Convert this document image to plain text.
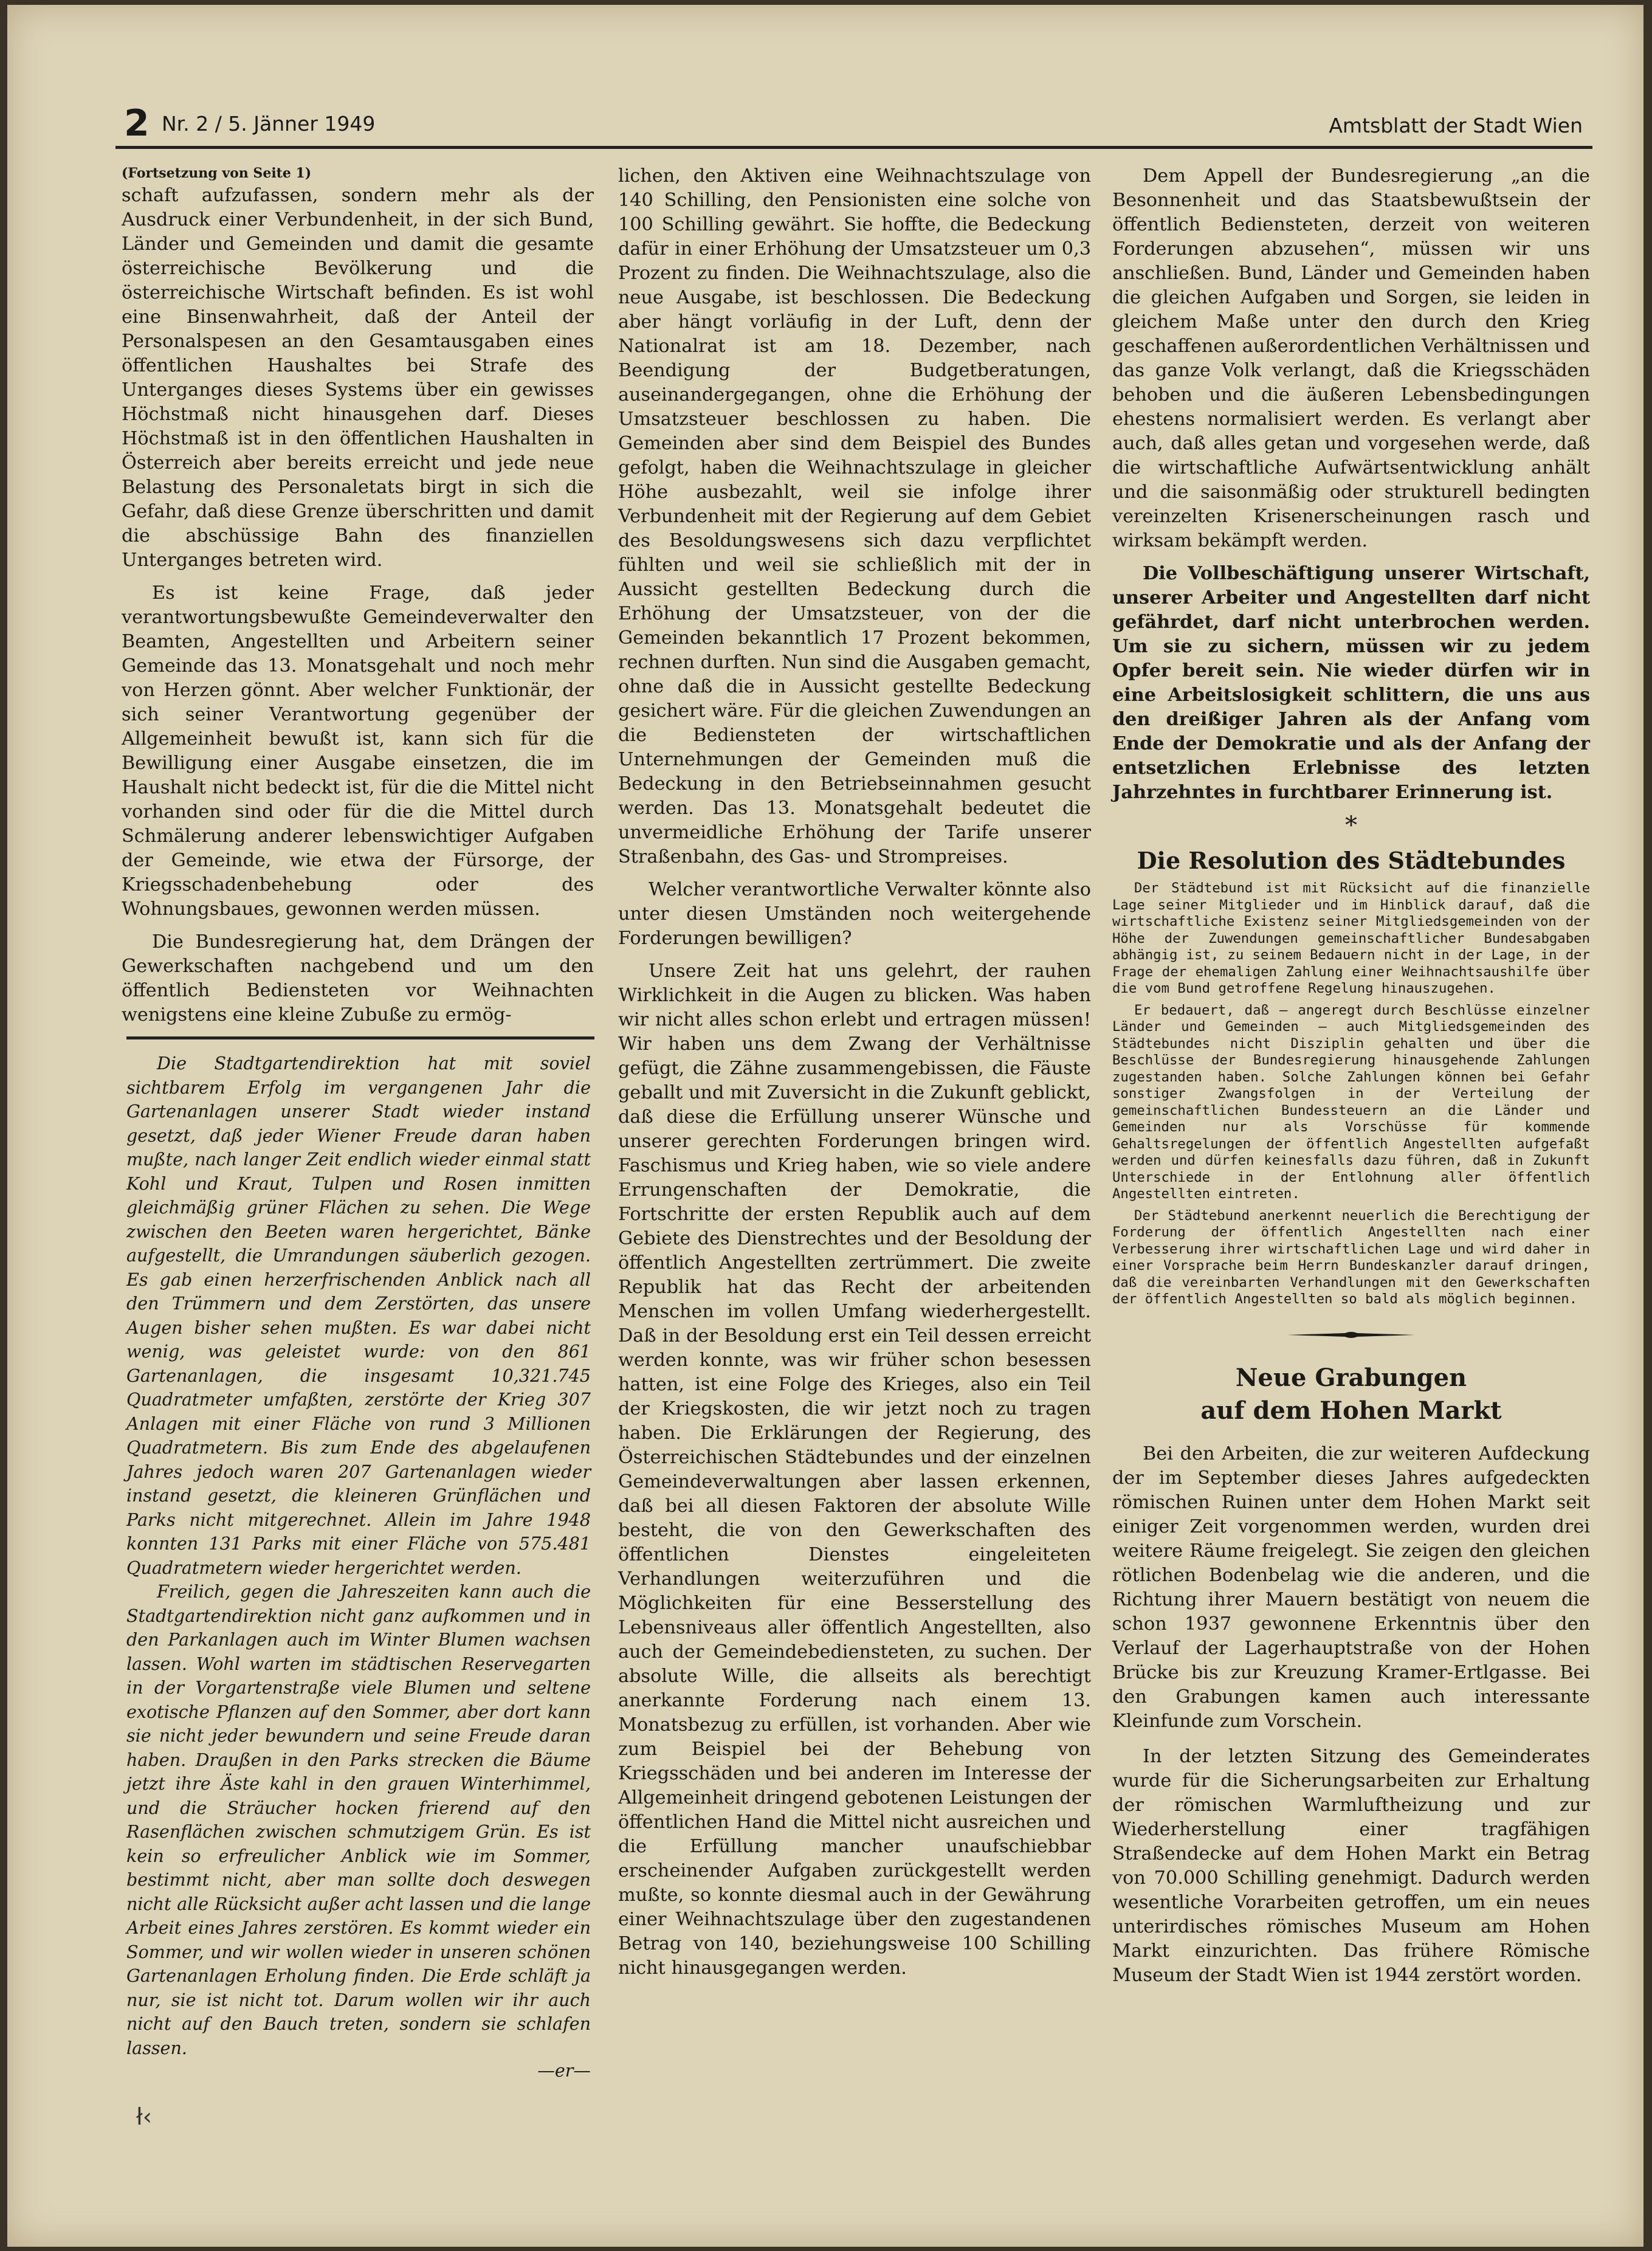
2 Nr. 2 / 5. Jänner 1949	Amtsblatt der Stadt Wien
(Fortsetzung von Seite 1)

schaft aufzufassen, sondern mehr als der Ausdruck einer Verbundenheit, in der sich Bund, Länder und Gemeinden und damit die gesamte österreichische Bevölkerung und die österreichische Wirtschaft befinden. Es ist wohl eine Binsenwahrheit, daß der Anteil der Personalspesen an den Gesamtausgaben eines öffentlichen Haushaltes bei Strafe des Unterganges dieses Systems über ein gewisses Höchstmaß nicht hinausgehen darf. Dieses Höchstmaß ist in den öffentlichen Haushalten in Österreich aber bereits erreicht und jede neue Belastung des Personaletats birgt in sich die Gefahr, daß diese Grenze überschritten und damit die abschüssige Bahn des finanziellen Unterganges betreten wird.

Es ist keine Frage, daß jeder verantwortungsbewußte Gemeindeverwalter den Beamten, Angestellten und Arbeitern seiner Gemeinde das 13. Monatsgehalt und noch mehr von Herzen gönnt. Aber welcher Funktionär, der sich seiner Verantwortung gegenüber der Allgemeinheit bewußt ist, kann sich für die Bewilligung einer Ausgabe einsetzen, die im Haushalt nicht bedeckt ist, für die die Mittel nicht vorhanden sind oder für die die Mittel durch Schmälerung anderer lebenswichtiger Aufgaben der Gemeinde, wie etwa der Fürsorge, der Kriegsschadenbehebung oder des Wohnungsbaues, gewonnen werden müssen.

Die Bundesregierung hat, dem Drängen der Gewerkschaften nachgebend und um den öffentlich Bediensteten vor Weihnachten wenigstens eine kleine Zubuße zu ermög-

Die Stadtgartendirektion hat mit soviel sichtbarem Erfolg im vergangenen Jahr die Gartenanlagen unserer Stadt wieder instand gesetzt, daß jeder Wiener Freude daran haben mußte, nach langer Zeit endlich wieder einmal statt Kohl und Kraut, Tulpen und Rosen inmitten gleichmäßig grüner Flächen zu sehen. Die Wege zwischen den Beeten waren hergerichtet, Bänke aufgestellt, die Umrandungen säuberlich gezogen. Es gab einen herzerfrischenden Anblick nach all den Trümmern und dem Zerstörten, das unsere Augen bisher sehen mußten. Es war dabei nicht wenig, was geleistet wurde: von den 861 Gartenanlagen, die insgesamt 10,321.745 Quadratmeter umfaßten, zerstörte der Krieg 307 Anlagen mit einer Fläche von rund 3 Millionen Quadratmetern. Bis zum Ende des abgelaufenen Jahres jedoch waren 207 Gartenanlagen wieder instand gesetzt, die kleineren Grünflächen und Parks nicht mitgerechnet. Allein im Jahre 1948 konnten 131 Parks mit einer Fläche von 575.481 Quadratmetern wieder hergerichtet werden.

Freilich, gegen die Jahreszeiten kann auch die Stadtgartendirektion nicht ganz aufkommen und in den Parkanlagen auch im Winter Blumen wachsen lassen. Wohl warten im städtischen Reservegarten in der Vorgartenstraße viele Blumen und seltene exotische Pflanzen auf den Sommer, aber dort kann sie nicht jeder bewundern und seine Freude daran haben. Draußen in den Parks strecken die Bäume jetzt ihre Äste kahl in den grauen Winterhimmel, und die Sträucher hocken frierend auf den Rasenflächen zwischen schmutzigem Grün. Es ist kein so erfreulicher Anblick wie im Sommer, bestimmt nicht, aber man sollte doch deswegen nicht alle Rücksicht außer acht lassen und die lange Arbeit eines Jahres zerstören. Es kommt wieder ein Sommer, und wir wollen wieder in unseren schönen Gartenanlagen Erholung finden. Die Erde schläft ja nur, sie ist nicht tot. Darum wollen wir ihr auch nicht auf den Bauch treten, sondern sie schlafen lassen.

—er—

lichen, den Aktiven eine Weihnachtszulage von 140 Schilling, den Pensionisten eine solche von 100 Schilling gewährt. Sie hoffte, die Bedeckung dafür in einer Erhöhung der Umsatzsteuer um 0,3 Prozent zu finden. Die Weihnachtszulage, also die neue Ausgabe, ist beschlossen. Die Bedeckung aber hängt vorläufig in der Luft, denn der Nationalrat ist am 18. Dezember, nach Beendigung der Budgetberatungen, auseinandergegangen, ohne die Erhöhung der Umsatzsteuer beschlossen zu haben. Die Gemeinden aber sind dem Beispiel des Bundes gefolgt, haben die Weihnachtszulage in gleicher Höhe ausbezahlt, weil sie infolge ihrer Verbundenheit mit der Regierung auf dem Gebiet des Besoldungswesens sich dazu verpflichtet fühlten und weil sie schließlich mit der in Aussicht gestellten Bedeckung durch die Erhöhung der Umsatzsteuer, von der die Gemeinden bekanntlich 17 Prozent bekommen, rechnen durften. Nun sind die Ausgaben gemacht, ohne daß die in Aussicht gestellte Bedeckung gesichert wäre. Für die gleichen Zuwendungen an die Bediensteten der wirtschaftlichen Unternehmungen der Gemeinden muß die Bedeckung in den Betriebseinnahmen gesucht werden. Das 13. Monatsgehalt bedeutet die unvermeidliche Erhöhung der Tarife unserer Straßenbahn, des Gas- und Strompreises.

Welcher verantwortliche Verwalter könnte also unter diesen Umständen noch weitergehende Forderungen bewilligen?

Unsere Zeit hat uns gelehrt, der rauhen Wirklichkeit in die Augen zu blicken. Was haben wir nicht alles schon erlebt und ertragen müssen! Wir haben uns dem Zwang der Verhältnisse gefügt, die Zähne zusammengebissen, die Fäuste geballt und mit Zuversicht in die Zukunft geblickt, daß diese die Erfüllung unserer Wünsche und unserer gerechten Forderungen bringen wird. Faschismus und Krieg haben, wie so viele andere Errungenschaften der Demokratie, die Fortschritte der ersten Republik auch auf dem Gebiete des Dienstrechtes und der Besoldung der öffentlich Angestellten zertrümmert. Die zweite Republik hat das Recht der arbeitenden Menschen im vollen Umfang wiederhergestellt. Daß in der Besoldung erst ein Teil dessen erreicht werden konnte, was wir früher schon besessen hatten, ist eine Folge des Krieges, also ein Teil der Kriegskosten, die wir jetzt noch zu tragen haben. Die Erklärungen der Regierung, des Österreichischen Städtebundes und der einzelnen Gemeindeverwaltungen aber lassen erkennen, daß bei all diesen Faktoren der absolute Wille besteht, die von den Gewerkschaften des öffentlichen Dienstes eingeleiteten Verhandlungen weiterzuführen und die Möglichkeiten für eine Besserstellung des Lebensniveaus aller öffentlich Angestellten, also auch der Gemeindebediensteten, zu suchen. Der absolute Wille, die allseits als berechtigt anerkannte Forderung nach einem 13. Monatsbezug zu erfüllen, ist vorhanden. Aber wie zum Beispiel bei der Behebung von Kriegsschäden und bei anderen im Interesse der Allgemeinheit dringend gebotenen Leistungen der öffentlichen Hand die Mittel nicht ausreichen und die Erfüllung mancher unaufschiebbar erscheinender Aufgaben zurückgestellt werden mußte, so konnte diesmal auch in der Gewährung einer Weihnachtszulage über den zugestandenen Betrag von 140, beziehungsweise 100 Schilling nicht hinausgegangen werden.

Dem Appell der Bundesregierung „an die Besonnenheit und das Staatsbewußtsein der öffentlich Bediensteten, derzeit von weiteren Forderungen abzusehen“, müssen wir uns anschließen. Bund, Länder und Gemeinden haben die gleichen Aufgaben und Sorgen, sie leiden in gleichem Maße unter den durch den Krieg geschaffenen außerordentlichen Verhältnissen und das ganze Volk verlangt, daß die Kriegsschäden behoben und die äußeren Lebensbedingungen ehestens normalisiert werden. Es verlangt aber auch, daß alles getan und vorgesehen werde, daß die wirtschaftliche Aufwärtsentwicklung anhält und die saisonmäßig oder strukturell bedingten vereinzelten Krisenerscheinungen rasch und wirksam bekämpft werden.

Die Vollbeschäftigung unserer Wirtschaft, unserer Arbeiter und Angestellten darf nicht gefährdet, darf nicht unterbrochen werden. Um sie zu sichern, müssen wir zu jedem Opfer bereit sein. Nie wieder dürfen wir in eine Arbeitslosigkeit schlittern, die uns aus den dreißiger Jahren als der Anfang vom Ende der Demokratie und als der Anfang der entsetzlichen Erlebnisse des letzten Jahrzehntes in furchtbarer Erinnerung ist.

*
Die Resolution des Städtebundes

Der Städtebund ist mit Rücksicht auf die finanzielle Lage seiner Mitglieder und im Hinblick darauf, daß die wirtschaftliche Existenz seiner Mitgliedsgemeinden von der Höhe der Zuwendungen gemeinschaftlicher Bundesabgaben abhängig ist, zu seinem Bedauern nicht in der Lage, in der Frage der ehemaligen Zahlung einer Weihnachtsaushilfe über die vom Bund getroffene Regelung hinauszugehen.

Er bedauert, daß — angeregt durch Beschlüsse einzelner Länder und Gemeinden — auch Mitgliedsgemeinden des Städtebundes nicht Disziplin gehalten und über die Beschlüsse der Bundesregierung hinausgehende Zahlungen zugestanden haben. Solche Zahlungen können bei Gefahr sonstiger Zwangsfolgen in der Verteilung der gemeinschaftlichen Bundessteuern an die Länder und Gemeinden nur als Vorschüsse für kommende Gehaltsregelungen der öffentlich Angestellten aufgefaßt werden und dürfen keinesfalls dazu führen, daß in Zukunft Unterschiede in der Entlohnung aller öffentlich Angestellten eintreten.

Der Städtebund anerkennt neuerlich die Berechtigung der Forderung der öffentlich Angestellten nach einer Verbesserung ihrer wirtschaftlichen Lage und wird daher in einer Vorsprache beim Herrn Bundeskanzler darauf dringen, daß die vereinbarten Verhandlungen mit den Gewerkschaften der öffentlich Angestellten so bald als möglich beginnen.

Neue Grabungen
auf dem Hohen Markt

Bei den Arbeiten, die zur weiteren Aufdeckung der im September dieses Jahres aufgedeckten römischen Ruinen unter dem Hohen Markt seit einiger Zeit vorgenommen werden, wurden drei weitere Räume freigelegt. Sie zeigen den gleichen rötlichen Bodenbelag wie die anderen, und die Richtung ihrer Mauern bestätigt von neuem die schon 1937 gewonnene Erkenntnis über den Verlauf der Lagerhauptstraße von der Hohen Brücke bis zur Kreuzung Kramer-Ertlgasse. Bei den Grabungen kamen auch interessante Kleinfunde zum Vorschein.

In der letzten Sitzung des Gemeinderates wurde für die Sicherungsarbeiten zur Erhaltung der römischen Warmluftheizung und zur Wiederherstellung einer tragfähigen Straßendecke auf dem Hohen Markt ein Betrag von 70.000 Schilling genehmigt. Dadurch werden wesentliche Vorarbeiten getroffen, um ein neues unterirdisches römisches Museum am Hohen Markt einzurichten. Das frühere Römische Museum der Stadt Wien ist 1944 zerstört worden.

ł‹
